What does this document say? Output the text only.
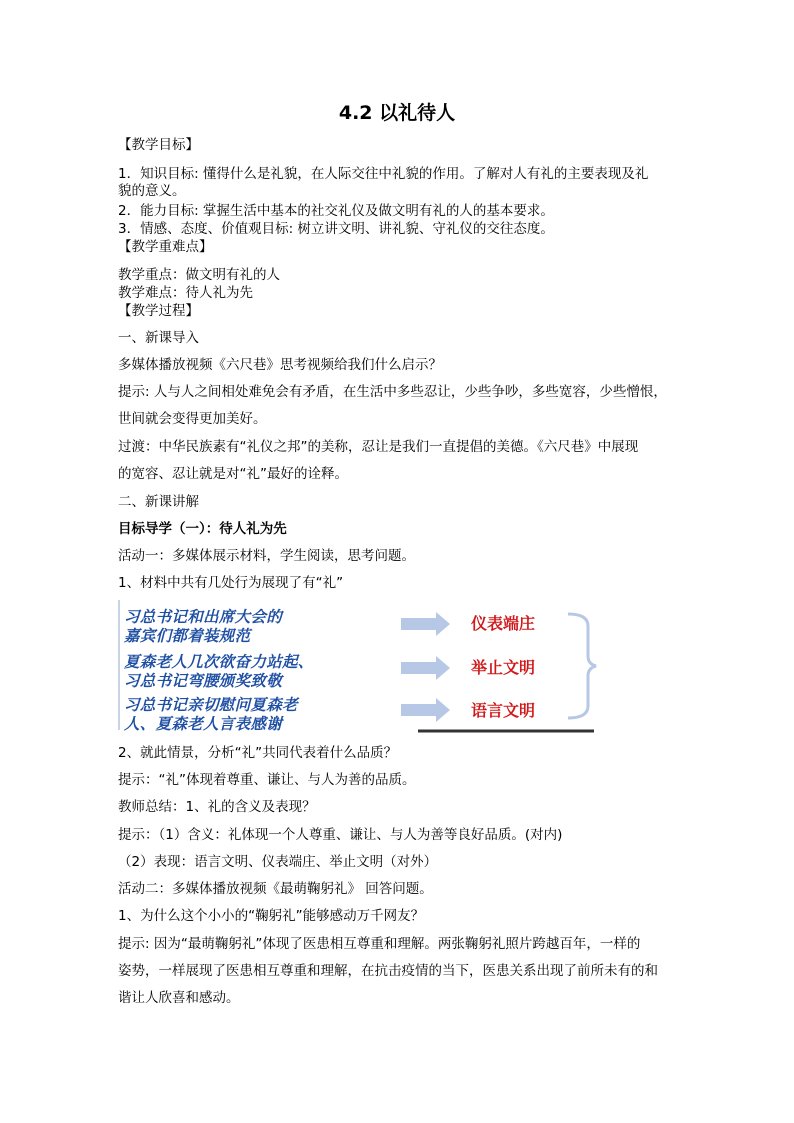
4.2 以礼待人
【教学目标】
1．知识目标: 懂得什么是礼貌，在人际交往中礼貌的作用。了解对人有礼的主要表现及礼
貌的意义。
2．能力目标: 掌握生活中基本的社交礼仪及做文明有礼的人的基本要求。
3．情感、态度、价值观目标: 树立讲文明、讲礼貌、守礼仪的交往态度。
【教学重难点】
教学重点：做文明有礼的人
教学难点：待人礼为先
【教学过程】
一、新课导入
多媒体播放视频《六尺巷》思考视频给我们什么启示？
提示: 人与人之间相处难免会有矛盾，在生活中多些忍让，少些争吵，多些宽容，少些憎恨，
世间就会变得更加美好。
过渡：中华民族素有“礼仪之邦”的美称，忍让是我们一直提倡的美德。《六尺巷》中展现
的宽容、忍让就是对“礼”最好的诠释。
二、新课讲解
目标导学（一）：待人礼为先
活动一：多媒体展示材料，学生阅读，思考问题。
1、材料中共有几处行为展现了有“礼”
习总书记和出席大会的
嘉宾们都着装规范
仪表端庄
夏森老人几次欲奋力站起、
习总书记弯腰颁奖致敬
举止文明
习总书记亲切慰问夏森老
人、夏森老人言表感谢
语言文明
2、就此情景，分析“礼”共同代表着什么品质？
提示：“礼”体现着尊重、谦让、与人为善的品质。
教师总结：1、礼的含义及表现？
提示：（1）含义：礼体现一个人尊重、谦让、与人为善等良好品质。(对内)
（2）表现：语言文明、仪表端庄、举止文明（对外）
活动二：多媒体播放视频《最萌鞠躬礼》 回答问题。
1、为什么这个小小的“鞠躬礼”能够感动万千网友？
提示: 因为“最萌鞠躬礼”体现了医患相互尊重和理解。两张鞠躬礼照片跨越百年，一样的
姿势，一样展现了医患相互尊重和理解，在抗击疫情的当下，医患关系出现了前所未有的和
谐让人欣喜和感动。
